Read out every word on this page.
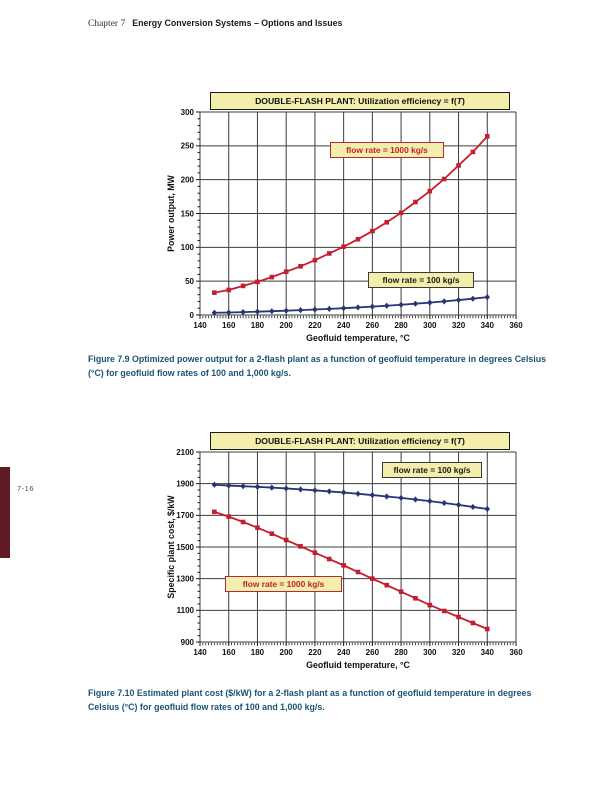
Chapter 7 Energy Conversion Systems – Options and Issues
7-16
140 160 180 200 220 240 260 280 300 320 340 360
0
50
100
150
200
250
300
Geofluid temperature, °C
Power output, MW
DOUBLE-FLASH PLANT: Utilization efficiency = f( T )
flow rate = 1000 kg/s
flow rate = 100 kg/s

Figure 7.9 Optimized power output for a 2-flash plant as a function of geofluid temperature in degrees Celsius (°C) for geofluid flow rates of 100 and 1,000 kg/s.

140 160 180 200 220 240 260 280 300 320 340 360
900
1100
1300
1500
1700
1900
2100
Geofluid temperature, °C
Specific plant cost, $/kW
DOUBLE-FLASH PLANT: Utilization efficiency = f( T )
flow rate = 100 kg/s
flow rate = 1000 kg/s

Figure 7.10 Estimated plant cost ($/kW) for a 2-flash plant as a function of geofluid temperature in degrees Celsius (°C) for geofluid flow rates of 100 and 1,000 kg/s.
